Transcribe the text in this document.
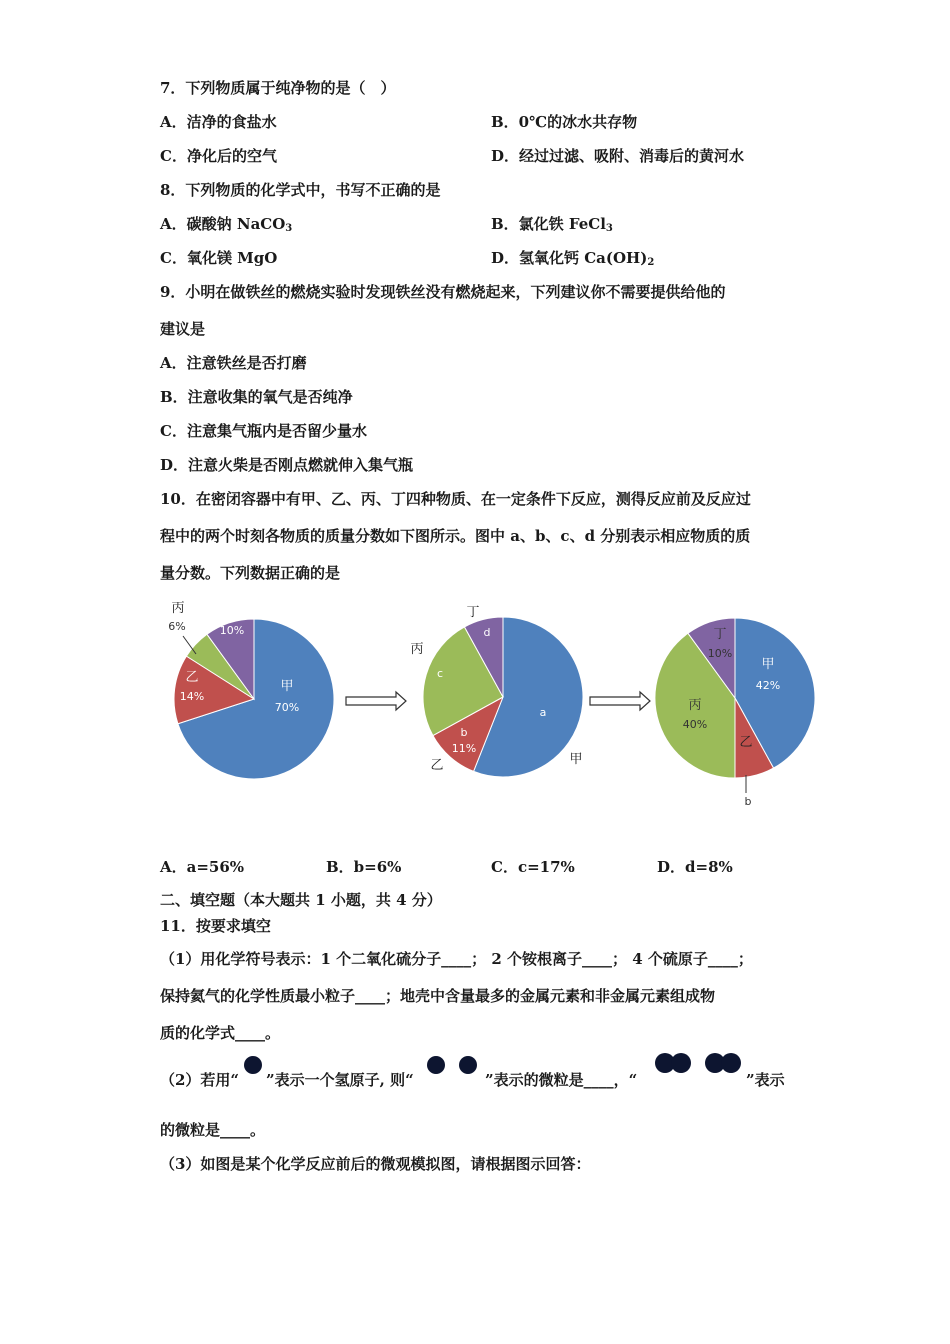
7．下列物质属于纯净物的是（　）
A．洁净的食盐水	B．0℃的冰水共存物
C．净化后的空气	D．经过过滤、吸附、消毒后的黄河水
8．下列物质的化学式中，书写不正确的是
A．碳酸钠 NaCO$_3$	B．氯化铁 FeCl$_3$
C．氧化镁 MgO	D．氢氧化钙 $Ca(OH)_2$
9．小明在做铁丝的燃烧实验时发现铁丝没有燃烧起来，下列建议你不需要提供给他的
建议是
A．注意铁丝是否打磨
B．注意收集的氧气是否纯净
C．注意集气瓶内是否留少量水
D．注意火柴是否刚点燃就伸入集气瓶
10．在密闭容器中有甲、乙、丙、丁四种物质、在一定条件下反应，测得反应前及反应过
程中的两个时刻各物质的质量分数如下图所示。图中 a、b、c、d 分别表示相应物质的质
量分数。下列数据正确的是
甲
乙
丙	丁
70%
14%
6%	10%
甲
乙
丙
丁
a
b
11%
c
d
甲
乙
丙
丁
42%
b
40%
10%
A．a=56%	B．b=6%	C．c=17%	D．d=8%
二、填空题（本大题共 1 小题，共 4 分）
11．按要求填空
（1）用化学符号表示：1 个二氧化硫分子____； 2 个铵根离子____； 4 个硫原子____；
保持氦气的化学性质最小粒子____；地壳中含量最多的金属元素和非金属元素组成物
质的化学式____。
（2）若用“ ”表示一个氢原子, 则“	”表示的微粒是____，“	”表示
的微粒是____。
（3）如图是某个化学反应前后的微观模拟图，请根据图示回答：
